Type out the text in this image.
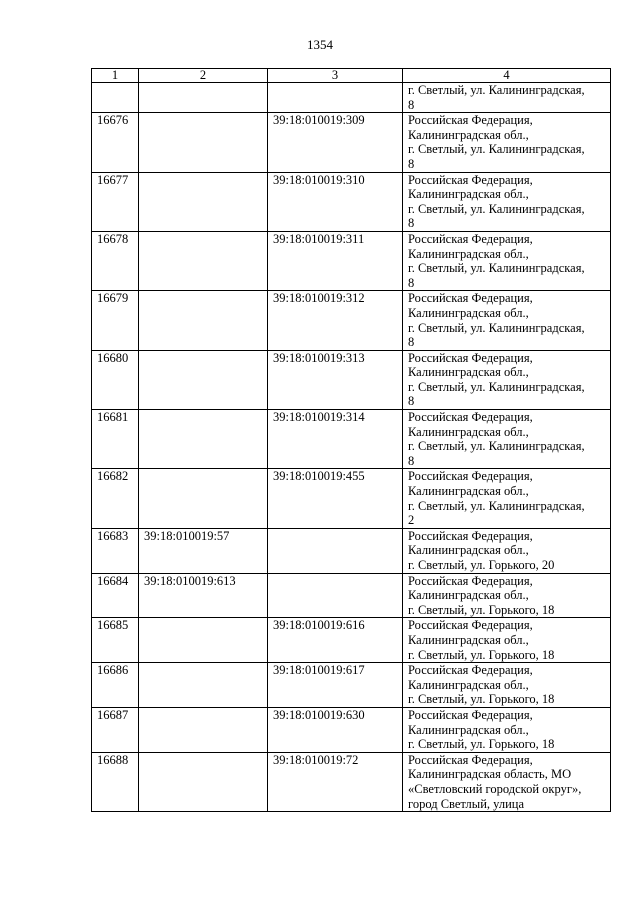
1354
1	2	3	4

			г. Светлый, ул. Калининградская,
8

16676		39:18:010019:309	Российская Федерация,
Калининградская обл.,
г. Светлый, ул. Калининградская,
8

16677		39:18:010019:310	Российская Федерация,
Калининградская обл.,
г. Светлый, ул. Калининградская,
8

16678		39:18:010019:311	Российская Федерация,
Калининградская обл.,
г. Светлый, ул. Калининградская,
8

16679		39:18:010019:312	Российская Федерация,
Калининградская обл.,
г. Светлый, ул. Калининградская,
8

16680		39:18:010019:313	Российская Федерация,
Калининградская обл.,
г. Светлый, ул. Калининградская,
8

16681		39:18:010019:314	Российская Федерация,
Калининградская обл.,
г. Светлый, ул. Калининградская,
8

16682		39:18:010019:455	Российская Федерация,
Калининградская обл.,
г. Светлый, ул. Калининградская,
2

16683	39:18:010019:57		Российская Федерация,
Калининградская обл.,
г. Светлый, ул. Горького, 20

16684	39:18:010019:613		Российская Федерация,
Калининградская обл.,
г. Светлый, ул. Горького, 18

16685		39:18:010019:616	Российская Федерация,
Калининградская обл.,
г. Светлый, ул. Горького, 18

16686		39:18:010019:617	Российская Федерация,
Калининградская обл.,
г. Светлый, ул. Горького, 18

16687		39:18:010019:630	Российская Федерация,
Калининградская обл.,
г. Светлый, ул. Горького, 18

16688		39:18:010019:72	Российская Федерация,
Калининградская область, МО
«Светловский городской округ»,
город Светлый, улица
